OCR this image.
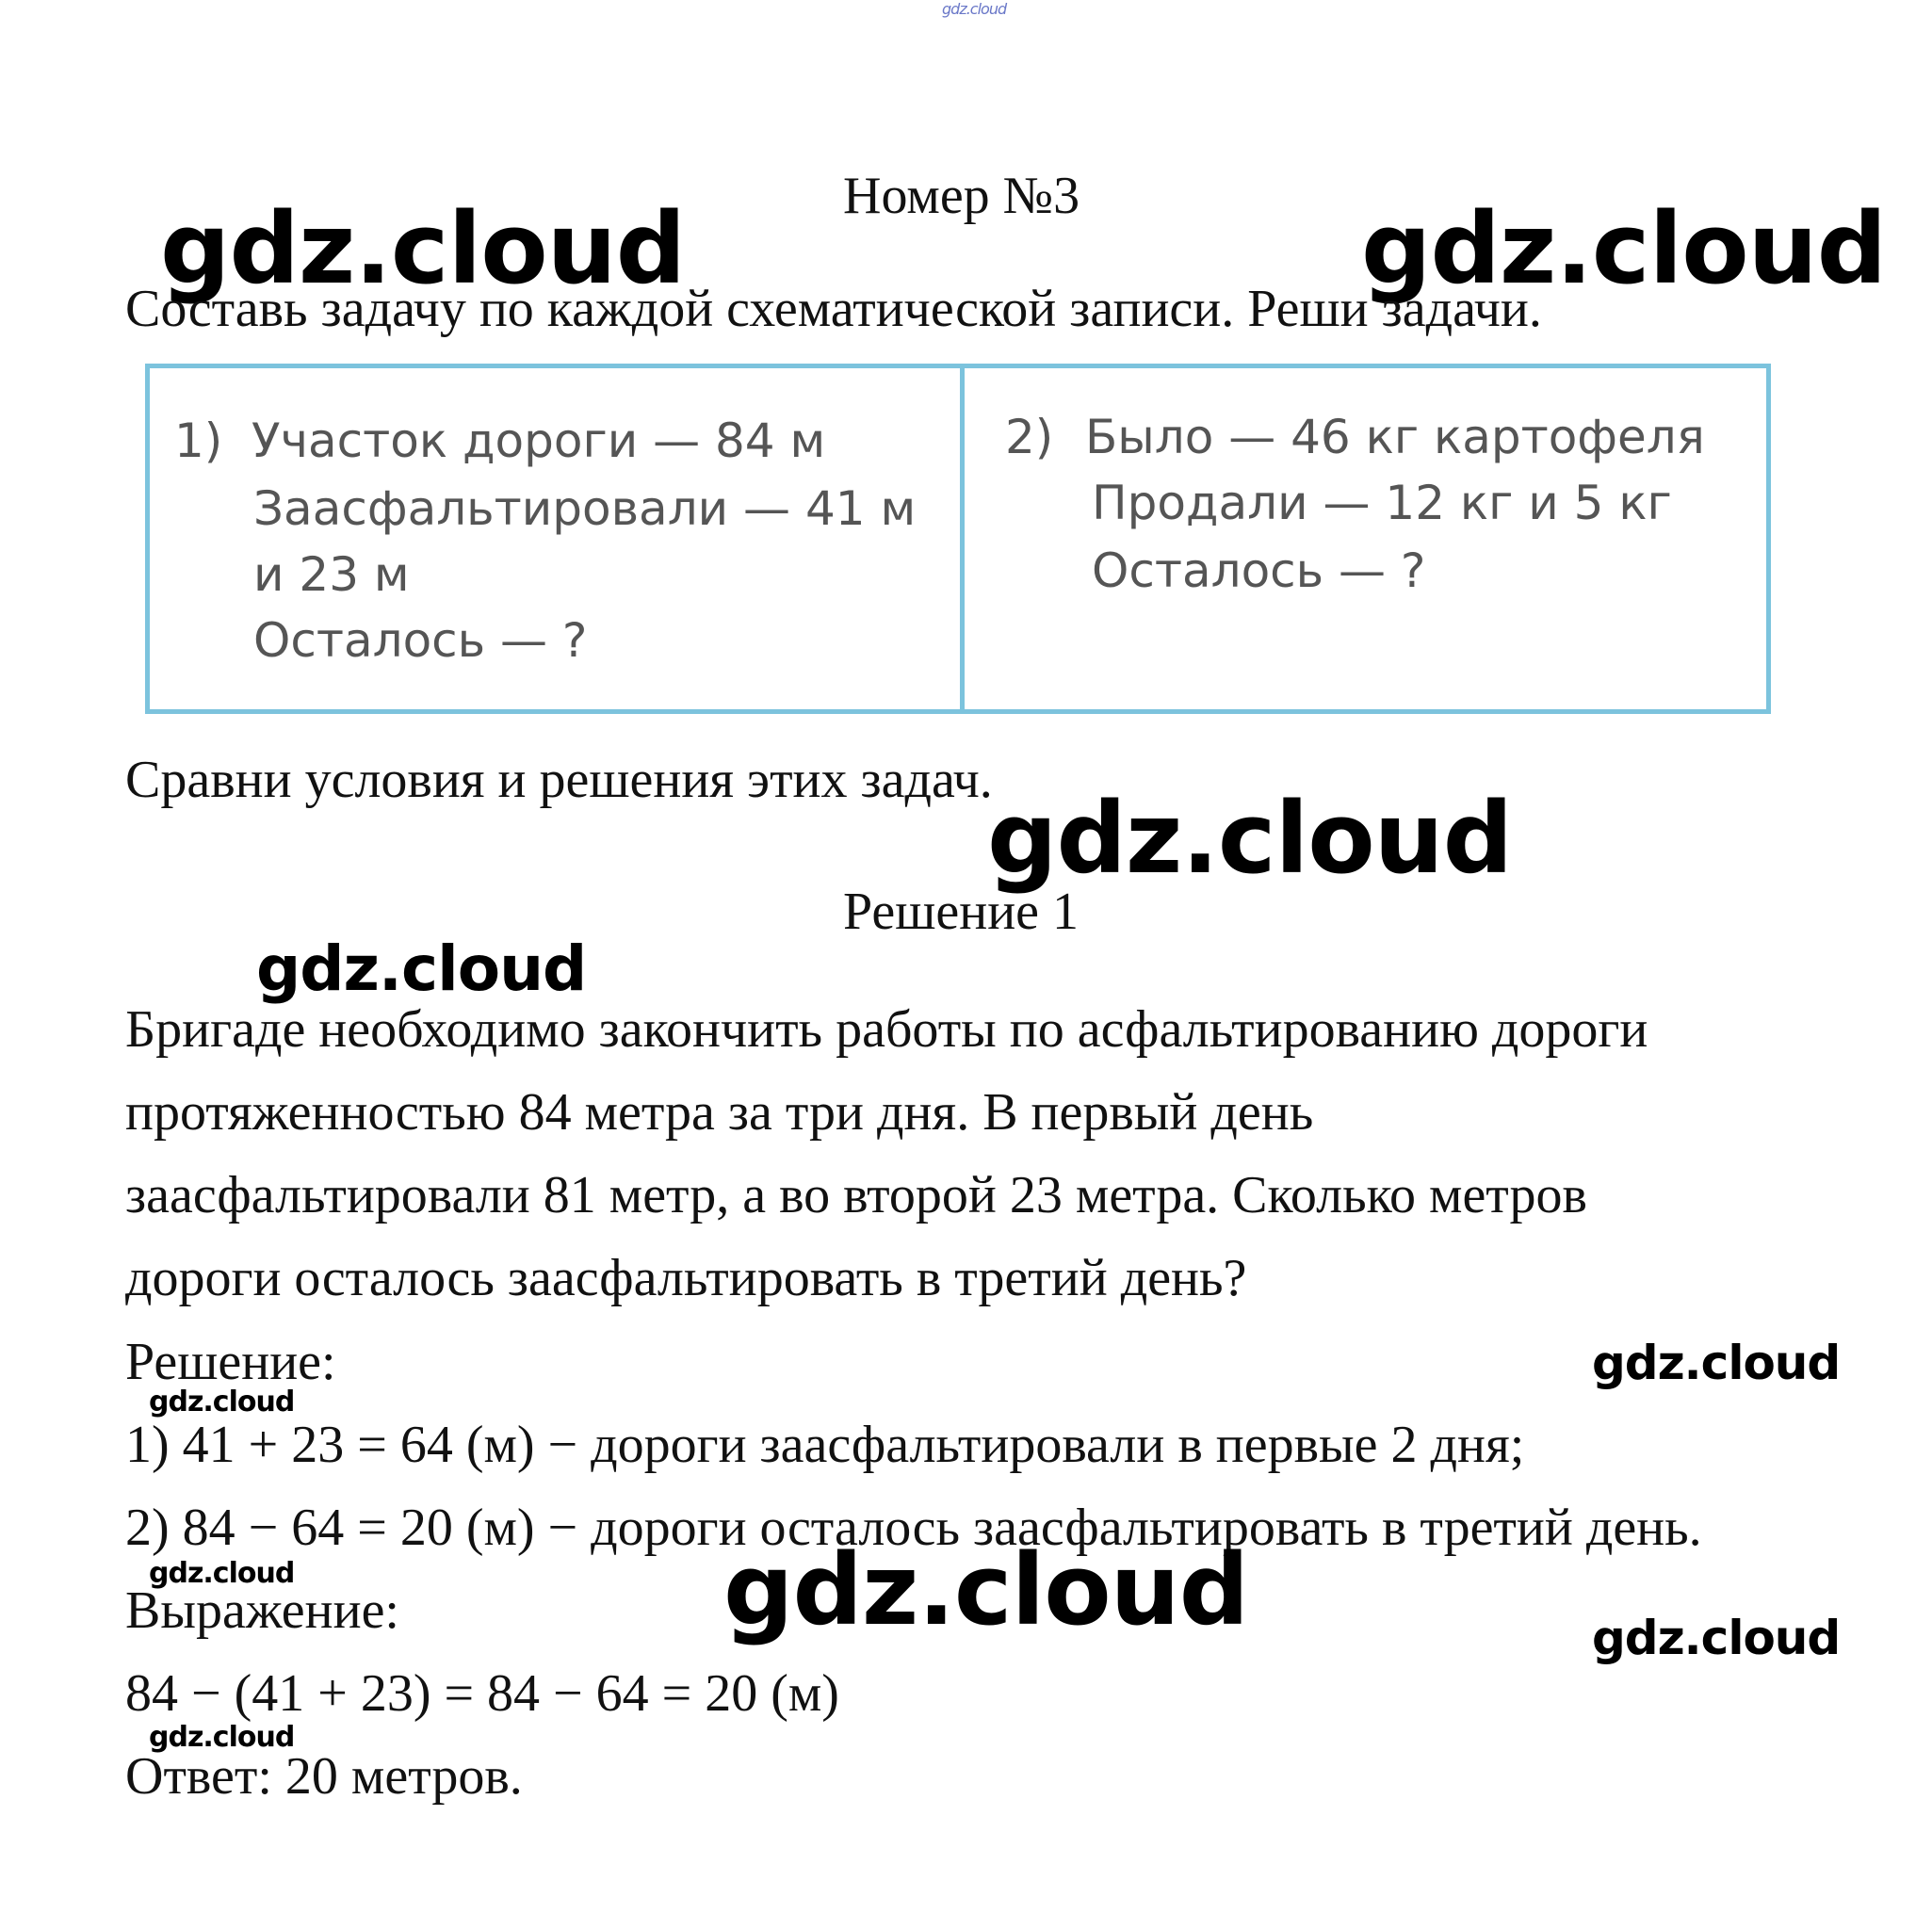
gdz.cloud
Номер №3
gdz.cloud	gdz.cloud
Составь задачу по каждой схематической записи. Реши задачи.
1) Участок дороги — 84 м
Заасфальтировали — 41 м
и 23 м
Осталось — ?
2) Было — 46 кг картофеля
Продали — 12 кг и 5 кг
Осталось — ?
Сравни условия и решения этих задач.
gdz.cloud
Решение 1
gdz.cloud
Бригаде необходимо закончить работы по асфальтированию дороги
протяженностью 84 метра за три дня. В первый день
заасфальтировали 81 метр, а во второй 23 метра. Сколько метров
дороги осталось заасфальтировать в третий день?
Решение:	gdz.cloud
gdz.cloud
1) 41 + 23 = 64 (м) − дороги заасфальтировали в первые 2 дня;
2) 84 − 64 = 20 (м) − дороги осталось заасфальтировать в третий день.
gdz.cloud
Выражение:	gdz.cloud	gdz.cloud
84 − (41 + 23) = 84 − 64 = 20 (м)
gdz.cloud
Ответ: 20 метров.
